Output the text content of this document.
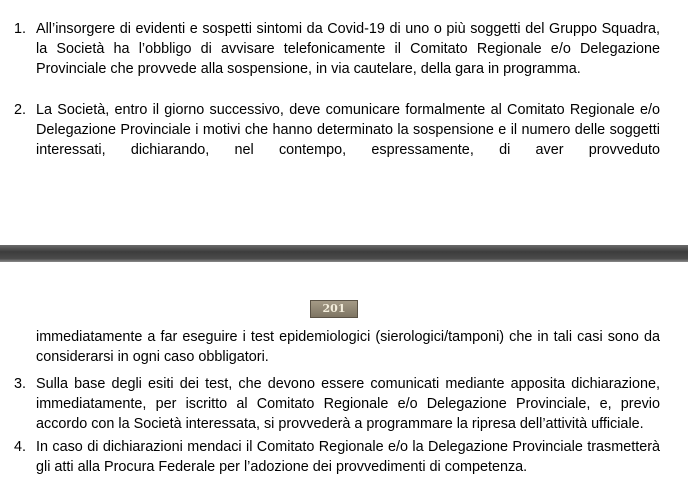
1. All’insorgere di evidenti e sospetti sintomi da Covid-19 di uno o più soggetti del Gruppo Squadra, la Società ha l’obbligo di avvisare telefonicamente il Comitato Regionale e/o Delegazione Provinciale che provvede alla sospensione, in via cautelare, della gara in programma.
2. La Società, entro il giorno successivo, deve comunicare formalmente al Comitato Regionale e/o Delegazione Provinciale i motivi che hanno determinato la sospensione e il numero delle soggetti interessati, dichiarando, nel contempo, espressamente, di aver provveduto
201
immediatamente a far eseguire i test epidemiologici (sierologici/tamponi) che in tali casi sono da considerarsi in ogni caso obbligatori.
3. Sulla base degli esiti dei test, che devono essere comunicati mediante apposita dichiarazione, immediatamente, per iscritto al Comitato Regionale e/o Delegazione Provinciale, e, previo accordo con la Società interessata, si provvederà a programmare la ripresa dell’attività ufficiale.
4. In caso di dichiarazioni mendaci il Comitato Regionale e/o la Delegazione Provinciale trasmetterà gli atti alla Procura Federale per l’adozione dei provvedimenti di competenza.
